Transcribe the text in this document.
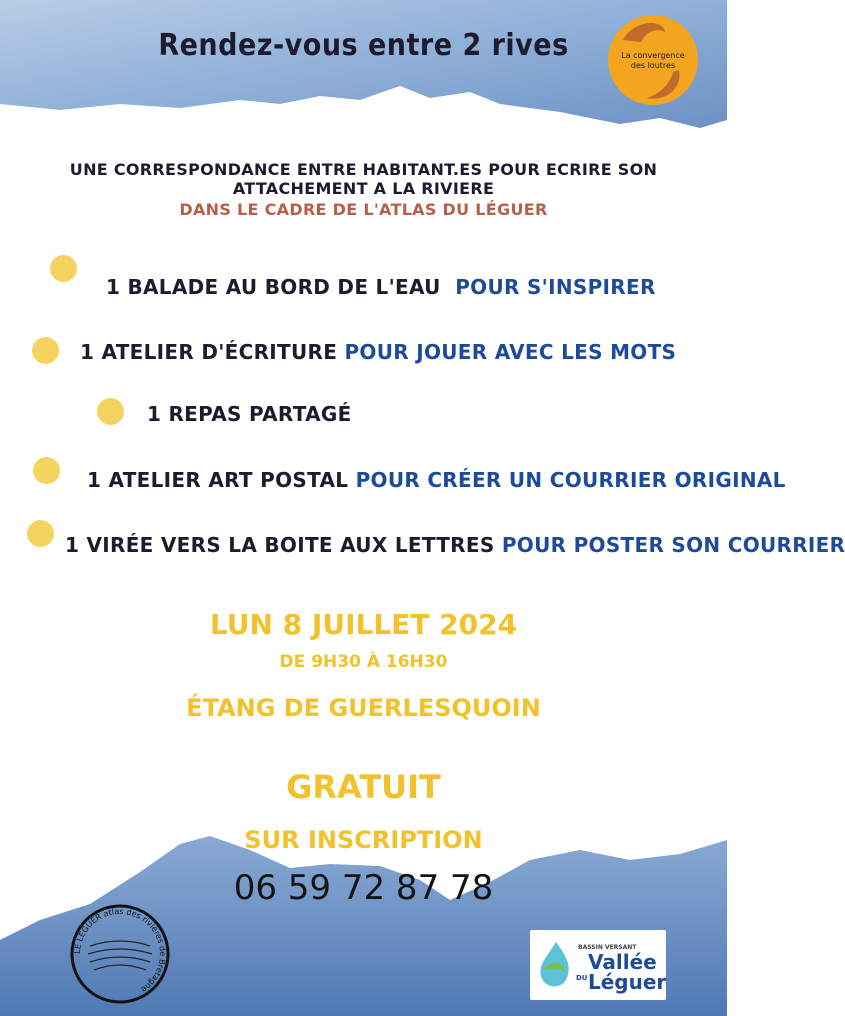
Rendez-vous entre 2 rives	La convergence
des loutres
UNE CORRESPONDANCE ENTRE HABITANT.ES POUR ECRIRE SON ATTACHEMENT A LA RIVIERE
DANS LE CADRE DE L'ATLAS DU LÉGUER
1 BALADE AU BORD DE L'EAU POUR S'INSPIRER
1 ATELIER D'ÉCRITURE POUR JOUER AVEC LES MOTS
1 REPAS PARTAGÉ
1 ATELIER ART POSTAL POUR CRÉER UN COURRIER ORIGINAL
1 VIRÉE VERS LA BOITE AUX LETTRES POUR POSTER SON COURRIER
LUN 8 JUILLET 2024
DE 9H30 À 16H30
ÉTANG DE GUERLESQUOIN
GRATUIT
SUR INSCRIPTION
06 59 72 87 78
LE LÉGUER atlas des rivières de Bretagne
BASSIN VERSANT
Vallée
DU Léguer
